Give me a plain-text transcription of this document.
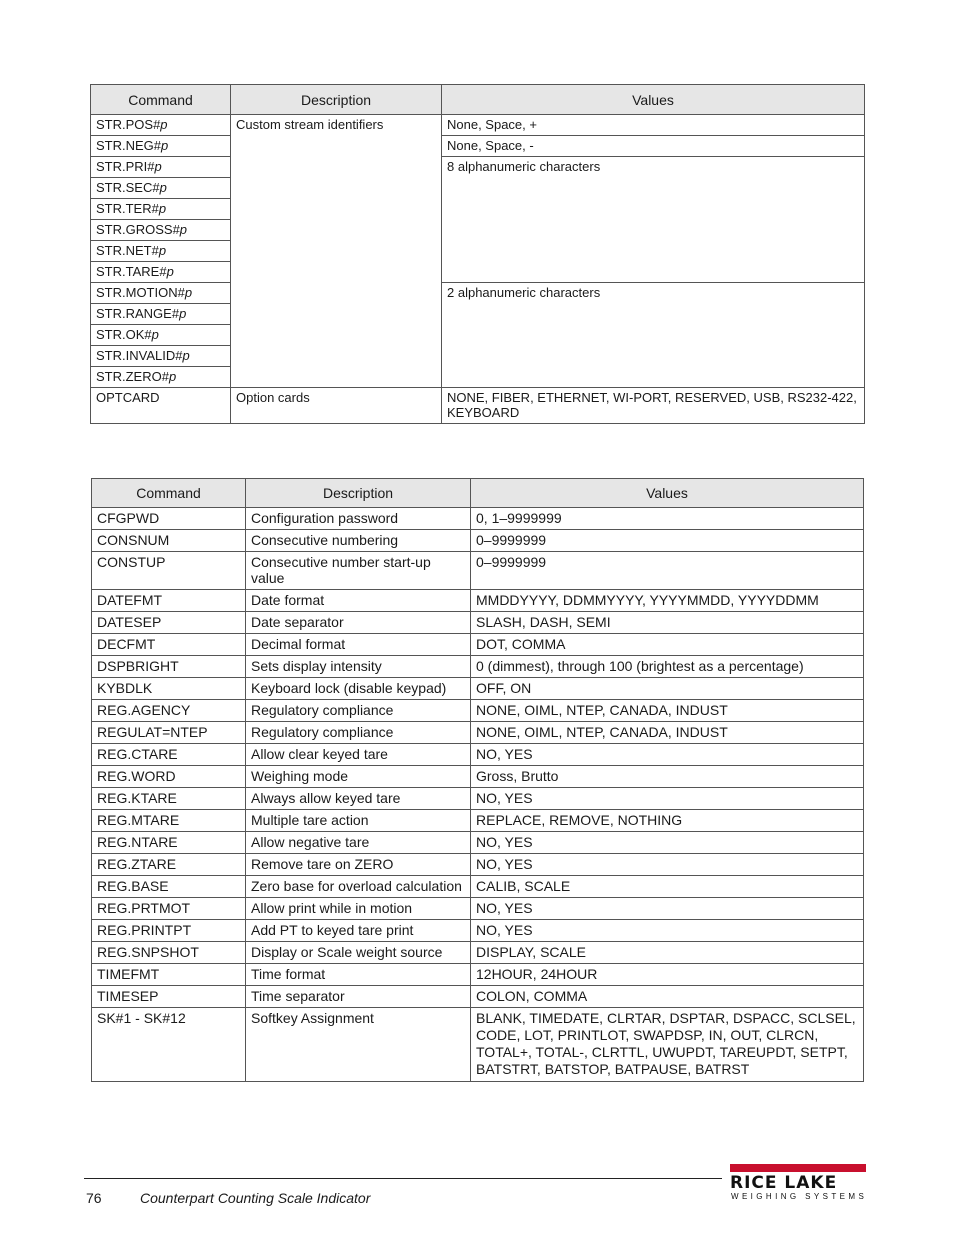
Command	Description	Values
STR.POS#p	Custom stream identifiers	None, Space, +
STR.NEG#p		None, Space, -
STR.PRI#p		8 alphanumeric characters
STR.SEC#p		
STR.TER#p		
STR.GROSS#p		
STR.NET#p		
STR.TARE#p		
STR.MOTION#p		2 alphanumeric characters
STR.RANGE#p		
STR.OK#p		
STR.INVALID#p		
STR.ZERO#p		
OPTCARD	Option cards	NONE, FIBER, ETHERNET, WI-PORT, RESERVED, USB, RS232-422, KEYBOARD
Command	Description	Values
CFGPWD	Configuration password	0, 1–9999999
CONSNUM	Consecutive numbering	0–9999999
CONSTUP	Consecutive number start-up value	0–9999999
DATEFMT	Date format	MMDDYYYY, DDMMYYYY, YYYYMMDD, YYYYDDMM
DATESEP	Date separator	SLASH, DASH, SEMI
DECFMT	Decimal format	DOT, COMMA
DSPBRIGHT	Sets display intensity	0 (dimmest), through 100 (brightest as a percentage)
KYBDLK	Keyboard lock (disable keypad)	OFF, ON
REG.AGENCY	Regulatory compliance	NONE, OIML, NTEP, CANADA, INDUST
REGULAT=NTEP	Regulatory compliance	NONE, OIML, NTEP, CANADA, INDUST
REG.CTARE	Allow clear keyed tare	NO, YES
REG.WORD	Weighing mode	Gross, Brutto
REG.KTARE	Always allow keyed tare	NO, YES
REG.MTARE	Multiple tare action	REPLACE, REMOVE, NOTHING
REG.NTARE	Allow negative tare	NO, YES
REG.ZTARE	Remove tare on ZERO	NO, YES
REG.BASE	Zero base for overload calculation	CALIB, SCALE
REG.PRTMOT	Allow print while in motion	NO, YES
REG.PRINTPT	Add PT to keyed tare print	NO, YES
REG.SNPSHOT	Display or Scale weight source	DISPLAY, SCALE
TIMEFMT	Time format	12HOUR, 24HOUR
TIMESEP	Time separator	COLON, COMMA
SK#1 - SK#12	Softkey Assignment	BLANK, TIMEDATE, CLRTAR, DSPTAR, DSPACC, SCLSEL, CODE, LOT, PRINTLOT, SWAPDSP, IN, OUT, CLRCN, TOTAL+, TOTAL-, CLRTTL, UWUPDT, TAREUPDT, SETPT, BATSTRT, BATSTOP, BATPAUSE, BATRST
76	Counterpart Counting Scale Indicator
RICE LAKE
WEIGHING SYSTEMS
